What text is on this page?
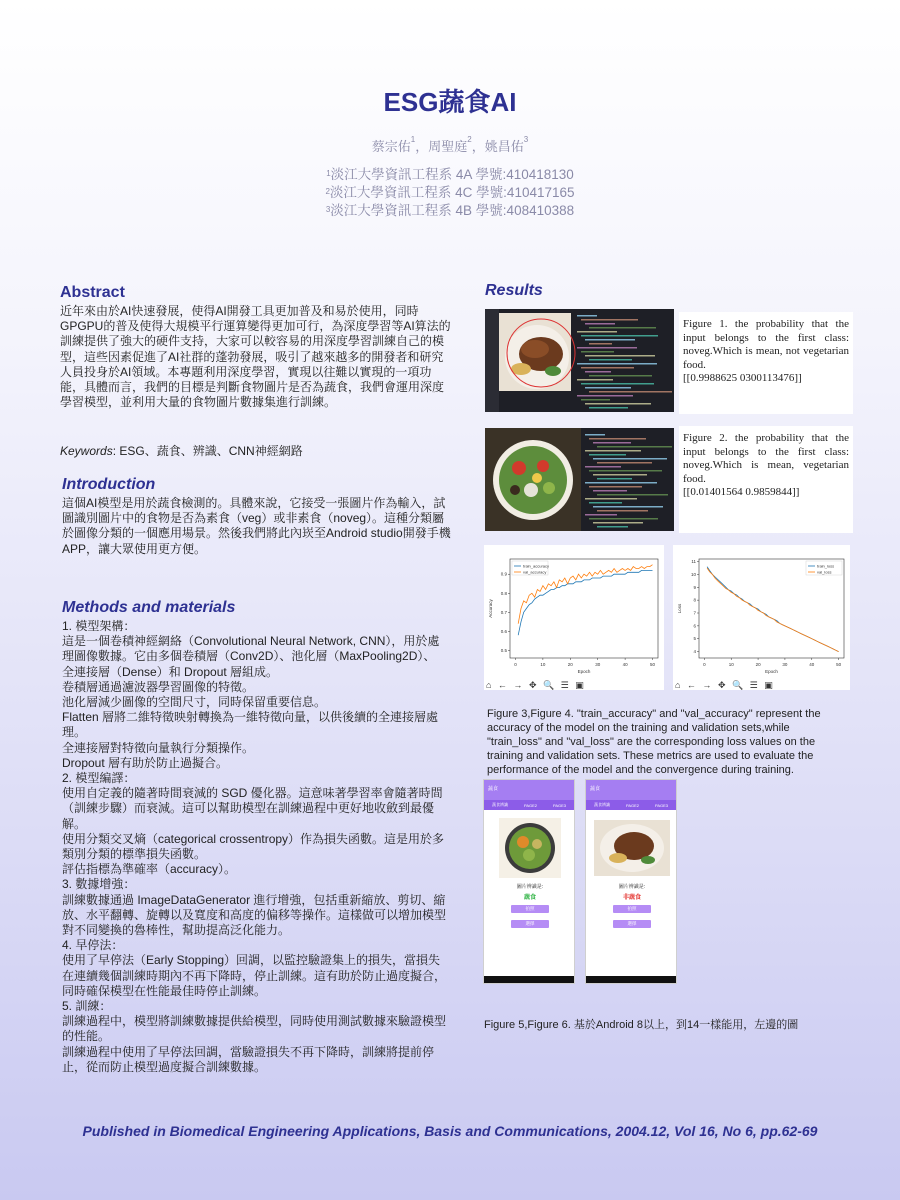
ESG蔬食AI
蔡宗佑$^1$，周聖庭$^2$，姚昌佑$^3$
$^1$淡江大學資訊工程系 4A 學號:410418130
$^2$淡江大學資訊工程系 4C 學號:410417165
$^3$淡江大學資訊工程系 4B 學號:408410388
Abstract
近年來由於AI快速發展，使得AI開發工具更加普及和易於使用，同時GPGPU的普及使得大規模平行運算變得更加可行，為深度學習等AI算法的訓練提供了強大的硬件支持，大家可以較容易的用深度學習訓練自己的模型，這些因素促進了AI社群的蓬勃發展，吸引了越來越多的開發者和研究人員投身於AI領域。本專題利用深度學習，實現以往難以實現的一項功能，具體而言，我們的目標是判斷食物圖片是否為蔬食，我們會運用深度學習模型，並利用大量的食物圖片數據集進行訓練。
Keywords: ESG、蔬食、辨識、CNN神經網路
Introduction
這個AI模型是用於蔬食檢測的。具體來說，它接受一張圖片作為輸入，試圖識別圖片中的食物是否為素食（veg）或非素食（noveg）。這種分類屬於圖像分類的一個應用場景。然後我們將此內崁至Android studio開發手機APP，讓大眾使用更方便。
Methods and materials
1. 模型架構：
這是一個卷積神經網絡（Convolutional Neural Network, CNN），用於處理圖像數據。它由多個卷積層（Conv2D）、池化層（MaxPooling2D）、全連接層（Dense）和 Dropout 層組成。
卷積層通過濾波器學習圖像的特徵。
池化層減少圖像的空間尺寸，同時保留重要信息。
Flatten 層將二維特徵映射轉換為一維特徵向量，以供後續的全連接層處理。
全連接層對特徵向量執行分類操作。
Dropout 層有助於防止過擬合。
2. 模型編譯：
使用自定義的隨著時間衰減的 SGD 優化器。這意味著學習率會隨著時間（訓練步驟）而衰減。這可以幫助模型在訓練過程中更好地收斂到最優解。
使用分類交叉熵（categorical crossentropy）作為損失函數。這是用於多類別分類的標準損失函數。
評估指標為準確率（accuracy）。
3. 數據增強：
訓練數據通過 ImageDataGenerator 進行增強，包括重新縮放、剪切、縮放、水平翻轉、旋轉以及寬度和高度的偏移等操作。這樣做可以增加模型對不同變換的魯棒性，幫助提高泛化能力。
4. 早停法：
使用了早停法（Early Stopping）回調，以監控驗證集上的損失，當損失在連續幾個訓練時期內不再下降時，停止訓練。這有助於防止過度擬合，同時確保模型在性能最佳時停止訓練。
5. 訓練：
訓練過程中，模型將訓練數據提供給模型，同時使用測試數據來驗證模型的性能。
訓練過程中使用了早停法回調，當驗證損失不再下降時，訓練將提前停止，從而防止模型過度擬合訓練數據。
Results
Figure 1. the probability that the input belongs to the first class: noveg.Which is mean, not vegetarian food.
[[0.9988625 0300113476]]
Figure 2. the probability that the input belongs to the first class: noveg.Which is mean, vegetarian food.
[[0.01401564 0.9859844]]
0	10	20	30	40	50
0.5
0.6
0.7
0.8
0.9
Epoch
Accuracy
train_accuracy
val_accuracy
⌂ ← → ✥ 🔍 ☰ ▣
0	10	20	30	40	50
4
5
6
7
8
9
10
11
Epoch
Loss
train_loss
val_loss
⌂ ← → ✥ 🔍 ☰ ▣
Figure 3,Figure 4. "train_accuracy" and "val_accuracy" represent the accuracy of the model on the training and validation sets,while "train_loss" and "val_loss" are the corresponding loss values on the training and validation sets. These metrics are used to evaluate the performance of the model and the convergence during training.
蔬食
蔬食辨識	PAGE2	PAGE3
圖片辨識是:
蔬食
拍照
選擇
蔬食
蔬食辨識	PAGE2	PAGE3
圖片辨識是:
非蔬食
拍照
選擇
Figure 5,Figure 6. 基於Android 8以上，到14一樣能用，左邊的圖
Published in Biomedical Engineering Applications, Basis and Communications, 2004.12, Vol 16, No 6, pp.62-69
